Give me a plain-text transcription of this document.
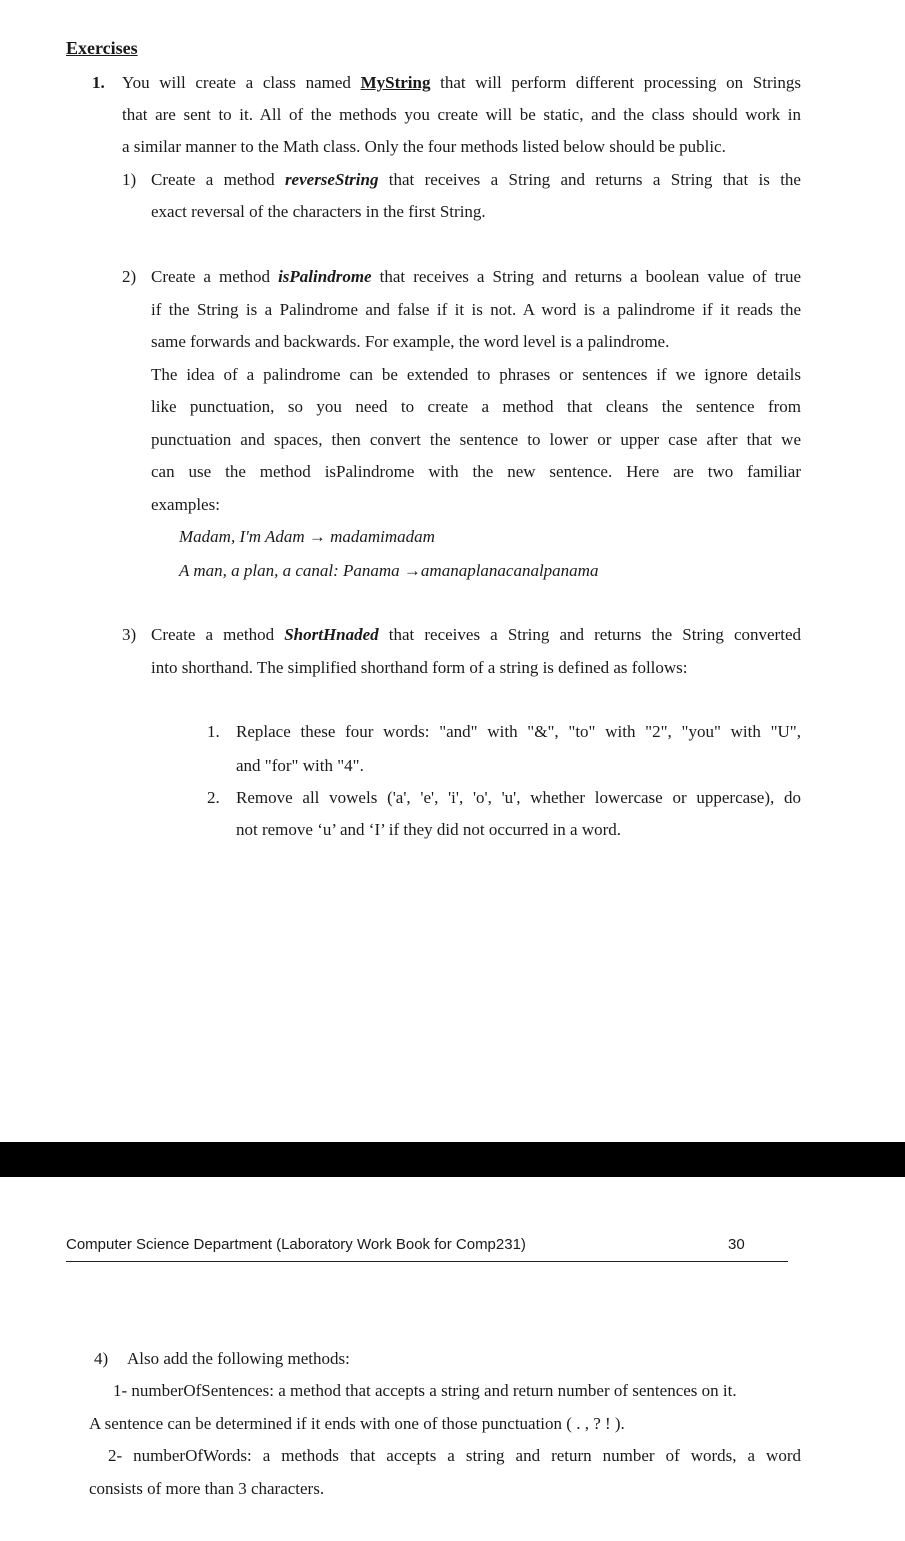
Exercises
1. You will create a class named MyString that will perform different processing on Strings
that are sent to it. All of the methods you create will be static, and the class should work in
a similar manner to the Math class. Only the four methods listed below should be public.
1) Create a method reverseString that receives a String and returns a String that is the
exact reversal of the characters in the first String.
2) Create a method isPalindrome that receives a String and returns a boolean value of true
if the String is a Palindrome and false if it is not. A word is a palindrome if it reads the
same forwards and backwards. For example, the word level is a palindrome.
The idea of a palindrome can be extended to phrases or sentences if we ignore details
like punctuation, so you need to create a method that cleans the sentence from
punctuation and spaces, then convert the sentence to lower or upper case after that we
can use the method isPalindrome with the new sentence. Here are two familiar
examples:
Madam, I'm Adam → madamimadam
A man, a plan, a canal: Panama →amanaplanacanalpanama
3) Create a method ShortHnaded that receives a String and returns the String converted
into shorthand. The simplified shorthand form of a string is defined as follows:
1. Replace these four words: "and" with "&", "to" with "2", "you" with "U",
and "for" with "4".
2. Remove all vowels ('a', 'e', 'i', 'o', 'u', whether lowercase or uppercase), do
not remove ‘u’ and ‘I’ if they did not occurred in a word.
Computer Science Department (Laboratory Work Book for Comp231)	30
4) Also add the following methods:
1- numberOfSentences: a method that accepts a string and return number of sentences on it.
A sentence can be determined if it ends with one of those punctuation ( . , ? ! ).
2- numberOfWords: a methods that accepts a string and return number of words, a word
consists of more than 3 characters.
